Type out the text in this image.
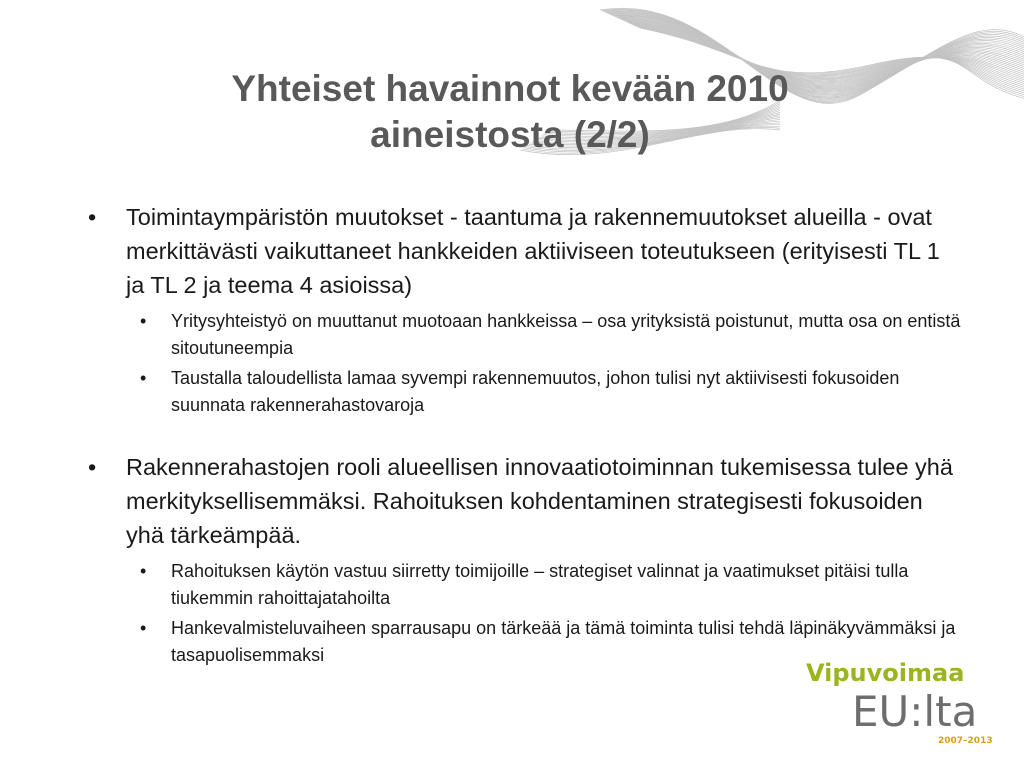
Yhteiset havainnot kevään 2010
aineistosta (2/2)
• Toimintaympäristön muutokset - taantuma ja rakennemuutokset alueilla - ovat merkittävästi vaikuttaneet hankkeiden aktiiviseen toteutukseen (erityisesti TL 1 ja TL 2 ja teema 4 asioissa)
• Yritysyhteistyö on muuttanut muotoaan hankkeissa – osa yrityksistä poistunut, mutta osa on entistä sitoutuneempia
• Taustalla taloudellista lamaa syvempi rakennemuutos, johon tulisi nyt aktiivisesti fokusoiden suunnata rakennerahastovaroja
• Rakennerahastojen rooli alueellisen innovaatiotoiminnan tukemisessa tulee yhä merkityksellisemmäksi. Rahoituksen kohdentaminen strategisesti fokusoiden yhä tärkeämpää.
• Rahoituksen käytön vastuu siirretty toimijoille – strategiset valinnat ja vaatimukset pitäisi tulla tiukemmin rahoittajatahoilta
• Hankevalmisteluvaiheen sparrausapu on tärkeää ja tämä toiminta tulisi tehdä läpinäkyvämmäksi ja tasapuolisemmaksi
Vipuvoimaa
EU:lta
2007–2013
